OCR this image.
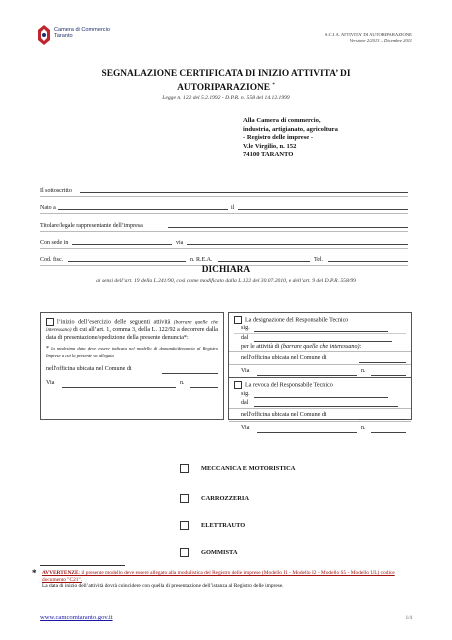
Camera di Commercio
Taranto	S.C.I.A. ATTIVITA' DI AUTORIPARAZIONE
Versione 2/2013 – Dicembre 2011
SEGNALAZIONE CERTIFICATA DI INIZIO ATTIVITA’ DI
AUTORIPARAZIONE *
Legge n. 122 del 5.2.1992 - D.P.R. n. 558 del 14.12.1999
Alla Camera di commercio,
industria, artigianato, agricoltura
- Registro delle imprese -
V.le Virgilio, n. 152
74100 TARANTO
Il sottoscritto
Nato a	il
Titolare/legale rappresentante dell’impresa
Con sede in	via
Cod. fisc.	n. R.E.A.	Tel.
DICHIARA
ai sensi dell’art. 19 della L.241/90, così come modificato dalla L.122 del 30.07.2010, e dell’art. 9 del D.P.R. 558/99
l’inizio dell’esercizio delle seguenti attività (barrare quelle che interessano) di cui all’art. 1, comma 3, della L. 122/92 a decorrere dalla data di presentazione/spedizione della presente denuncia*:
* la medesima data deve essere indicata nel modello di domanda/denuncia al Registro Imprese a cui la presente va allegata
nell'officina ubicata nel Comune di
Via	n.
La designazione del Responsabile Tecnico
sig.
dal
per le attività di (barrare quelle che interessano):
nell'officina ubicata nel Comune di
Via	n.
La revoca del Responsabile Tecnico
sig.
dal
nell'officina ubicata nel Comune di
Via	n.
MECCANICA E MOTORISTICA
CARROZZERIA
ELETTRAUTO
GOMMISTA
* AVVERTENZE: il presente modello deve essere allegato alla modulistica del Registro delle imprese (Modello I1 - Modello I2 - Modello S5 - Modello UL) codice documento "C21".
La data di inizio dell’attività dovrà coincidere con quella di presentazione dell’istanza al Registro delle imprese.
www.camcomtaranto.gov.it	1/4
